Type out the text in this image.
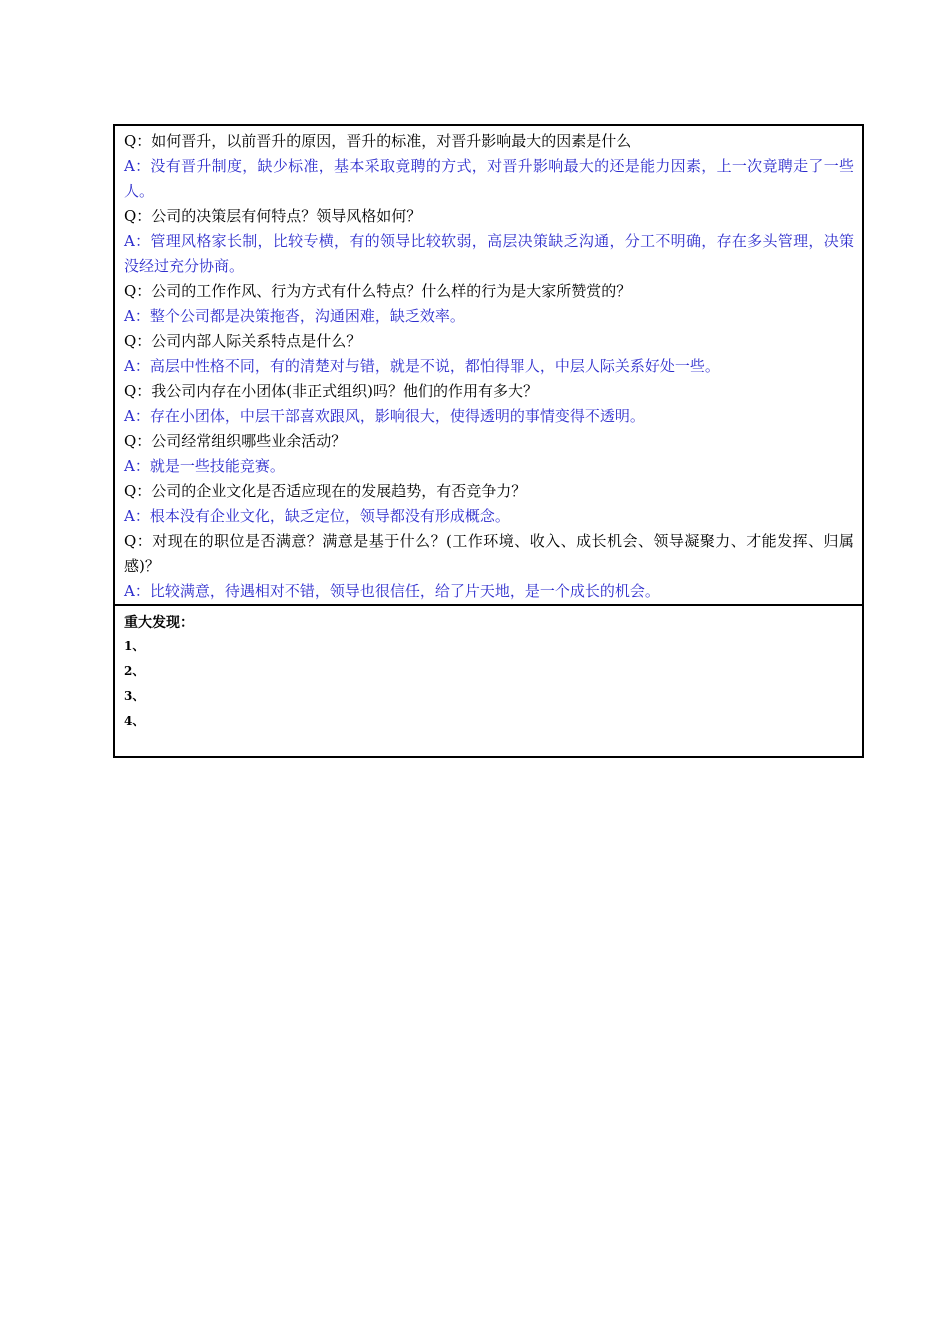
Q：如何晋升，以前晋升的原因，晋升的标准，对晋升影响最大的因素是什么

A：没有晋升制度，缺少标准，基本采取竟聘的方式，对晋升影响最大的还是能力因素，上一次竟聘走了一些人。

Q：公司的决策层有何特点？领导风格如何？

A：管理风格家长制，比较专横，有的领导比较软弱，高层决策缺乏沟通，分工不明确，存在多头管理，决策没经过充分协商。

Q：公司的工作作风、行为方式有什么特点？什么样的行为是大家所赞赏的？

A：整个公司都是决策拖沓，沟通困难，缺乏效率。

Q：公司内部人际关系特点是什么？

A：高层中性格不同，有的清楚对与错，就是不说，都怕得罪人，中层人际关系好处一些。

Q：我公司内存在小团体(非正式组织)吗？他们的作用有多大？

A：存在小团体，中层干部喜欢跟风，影响很大，使得透明的事情变得不透明。

Q：公司经常组织哪些业余活动？

A：就是一些技能竞赛。

Q：公司的企业文化是否适应现在的发展趋势，有否竞争力？

A：根本没有企业文化，缺乏定位，领导都没有形成概念。

Q：对现在的职位是否满意？满意是基于什么？(工作环境、收入、成长机会、领导凝聚力、才能发挥、归属感)？

A：比较满意，待遇相对不错，领导也很信任，给了片天地，是一个成长的机会。

重大发现：

1、

2、

3、

4、
